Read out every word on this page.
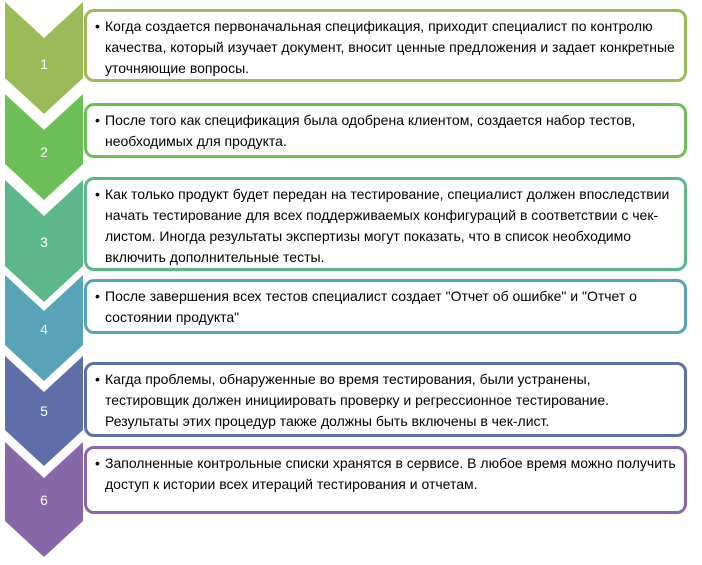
1
• Когда создается первоначальная спецификация, приходит специалист по контролю качества, который изучает документ, вносит ценные предложения и задает конкретные уточняющие вопросы.
2
• После того как спецификация была одобрена клиентом, создается набор тестов, необходимых для продукта.
3
• Как только продукт будет передан на тестирование, специалист должен впоследствии начать тестирование для всех поддерживаемых конфигураций в соответствии с чек-листом. Иногда результаты экспертизы могут показать, что в список необходимо включить дополнительные тесты.
4
• После завершения всех тестов специалист создает "Отчет об ошибке" и "Отчет о состоянии продукта"
5
• Кагда проблемы, обнаруженные во время тестирования, были устранены, тестировщик должен инициировать проверку и регрессионное тестирование. Результаты этих процедур также должны быть включены в чек-лист.
6
• Заполненные контрольные списки хранятся в сервисе. В любое время можно получить доступ к истории всех итераций тестирования и отчетам.
